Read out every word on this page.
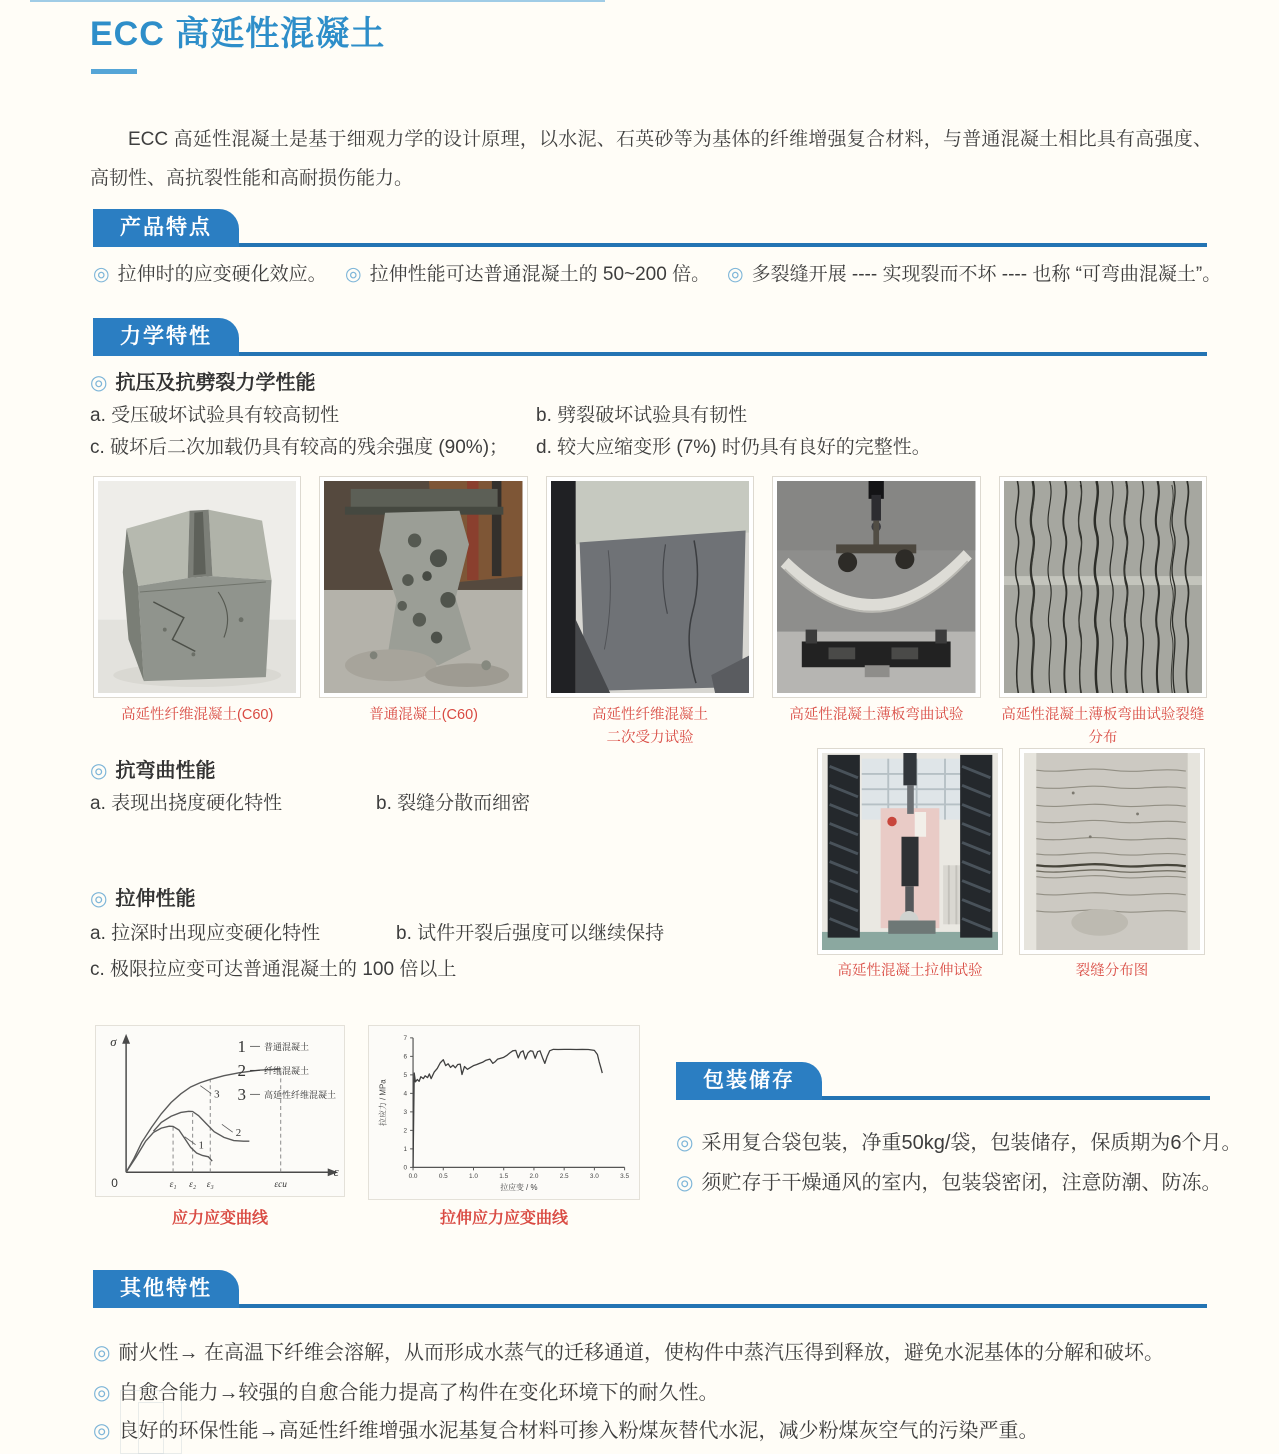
ECC 高延性混凝土

ECC 高延性混凝土是基于细观力学的设计原理，以水泥、石英砂等为基体的纤维增强复合材料，与普通混凝土相比具有高强度、高韧性、高抗裂性能和高耐损伤能力。

产品特点
◎ 拉伸时的应变硬化效应。 ◎ 拉伸性能可达普通混凝土的 50~200 倍。 ◎ 多裂缝开展 ---- 实现裂而不坏 ---- 也称 “可弯曲混凝土”。
力学特性
◎ 抗压及抗劈裂力学性能
a. 受压破坏试验具有较高韧性	b. 劈裂破坏试验具有韧性
c. 破坏后二次加载仍具有较高的残余强度 (90%)； d. 较大应缩变形 (7%) 时仍具有良好的完整性。
高延性纤维混凝土(C60)	普通混凝土(C60)	高延性纤维混凝土
二次受力试验
高延性混凝土薄板弯曲试验	高延性混凝土薄板弯曲试验裂缝分布
◎ 抗弯曲性能
a. 表现出挠度硬化特性	b. 裂缝分散而细密
高延性混凝土拉伸试验	裂缝分布图
◎ 拉伸性能
a. 拉深时出现应变硬化特性	b. 试件开裂后强度可以继续保持
c. 极限拉应变可达普通混凝土的 100 倍以上
σ
ε
0	ε₁ ε₂ ε₃	εcu
1
2
3
1 — 普通混凝土
2 — 纤维混凝土
3 — 高延性纤维混凝土
0.0	0.5	1.0	1.5	2.0	2.5	3.0	3.5
0
1
2
3
4
5
6
7
拉应变 / %
拉应力 / MPa
应力应变曲线	拉伸应力应变曲线
包装储存
◎ 采用复合袋包装，净重50kg/袋，包装储存，保质期为6个月。
◎ 须贮存于干燥通风的室内，包装袋密闭，注意防潮、防冻。
其他特性
◎ 耐火性→ 在高温下纤维会溶解，从而形成水蒸气的迁移通道，使构件中蒸汽压得到释放，避免水泥基体的分解和破坏。
◎ 自愈合能力→较强的自愈合能力提高了构件在变化环境下的耐久性。
◎ 良好的环保性能→高延性纤维增强水泥基复合材料可掺入粉煤灰替代水泥，减少粉煤灰空气的污染严重。
